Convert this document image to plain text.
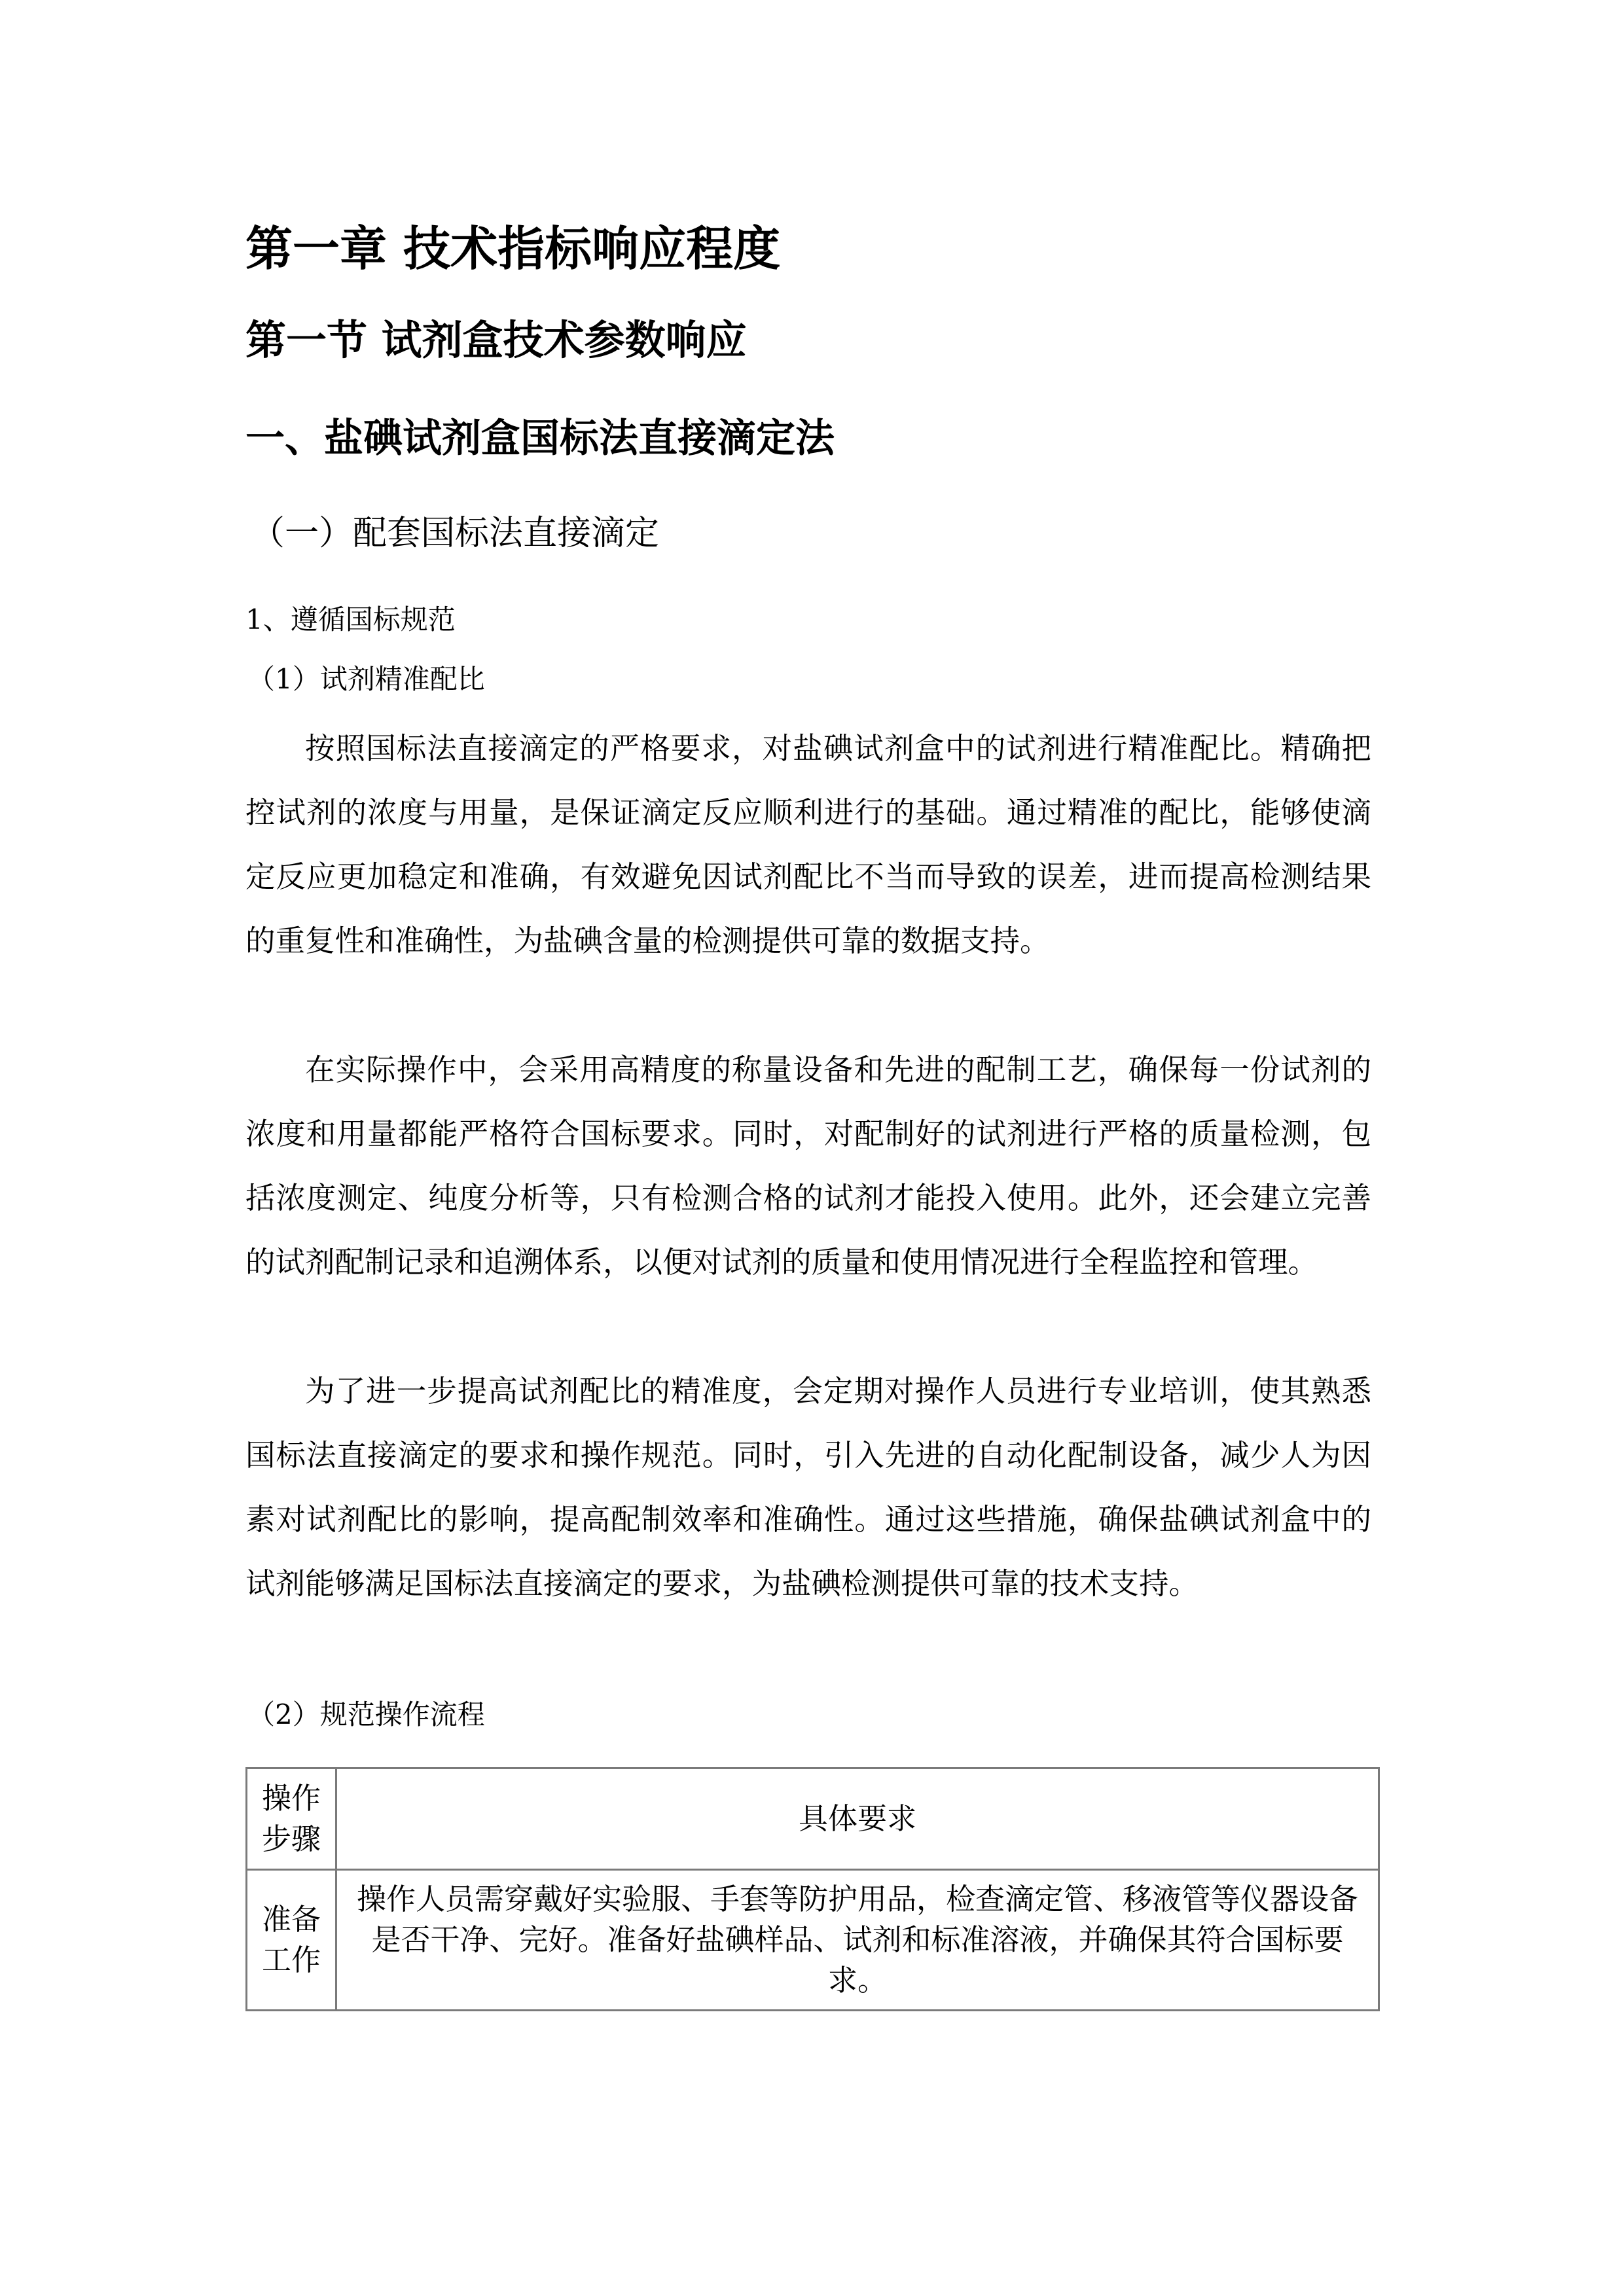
第一章 技术指标响应程度
第一节 试剂盒技术参数响应
一、盐碘试剂盒国标法直接滴定法
（一）配套国标法直接滴定
1、遵循国标规范
（1）试剂精准配比

按照国标法直接滴定的严格要求，对盐碘试剂盒中的试剂进行精准配比。精确把控试剂的浓度与用量，是保证滴定反应顺利进行的基础。通过精准的配比，能够使滴定反应更加稳定和准确，有效避免因试剂配比不当而导致的误差，进而提高检测结果的重复性和准确性，为盐碘含量的检测提供可靠的数据支持。

在实际操作中，会采用高精度的称量设备和先进的配制工艺，确保每一份试剂的浓度和用量都能严格符合国标要求。同时，对配制好的试剂进行严格的质量检测，包括浓度测定、纯度分析等，只有检测合格的试剂才能投入使用。此外，还会建立完善的试剂配制记录和追溯体系，以便对试剂的质量和使用情况进行全程监控和管理。

为了进一步提高试剂配比的精准度，会定期对操作人员进行专业培训，使其熟悉国标法直接滴定的要求和操作规范。同时，引入先进的自动化配制设备，减少人为因素对试剂配比的影响，提高配制效率和准确性。通过这些措施，确保盐碘试剂盒中的试剂能够满足国标法直接滴定的要求，为盐碘检测提供可靠的技术支持。

（2）规范操作流程
操作
步骤	具体要求
准备
工作	操作人员需穿戴好实验服、手套等防护用品，检查滴定管、移液管等仪器设备是否干净、完好。准备好盐碘样品、试剂和标准溶液，并确保其符合国标要求。
